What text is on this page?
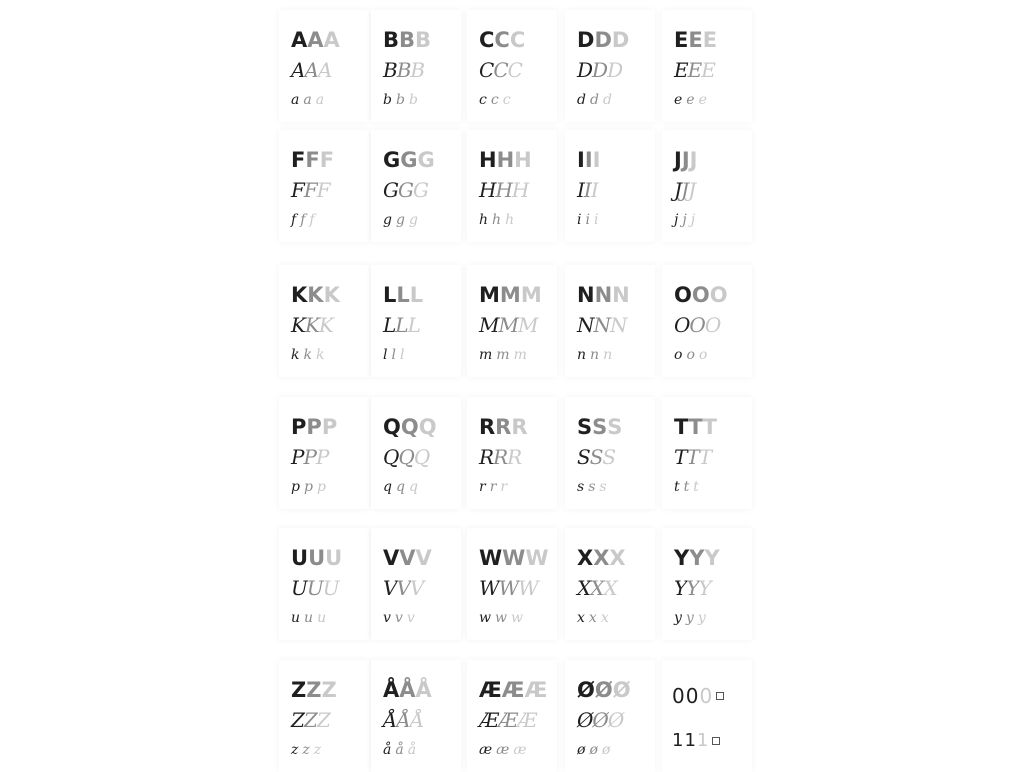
A A A
A A A
a a a
B B B
B B B
b b b
C C C
C C C
c c c
D D D
D D D
d d d
E E E
E E E
e e e
F F F
F F F
f f f
G G G
G G G
g g g
H H H
H H H
h h h
I I I
I I I
i i i
J J J
J J J
j j j
K K K
K K K
k k k
L L L
L L L
l l l
M M M
M M M
m m m
N N N
N N N
n n n
O O O
O O O
o o o
P P P
P P P
p p p
Q Q Q
Q Q Q
q q q
R R R
R R R
r r r
S S S
S S S
s s s
T T T
T T T
t t t
U U U
U U U
u u u
V V V
V V V
v v v
W W W
W W W
w w w
X X X
X X X
x x x
Y Y Y
Y Y Y
y y y
Z Z Z
Z Z Z
z z z
Å Å Å
Å Å Å
å å å
Æ Æ Æ
Æ Æ Æ
æ æ æ
Ø Ø Ø
Ø Ø Ø
ø ø ø
0 0 0
1 1 1
